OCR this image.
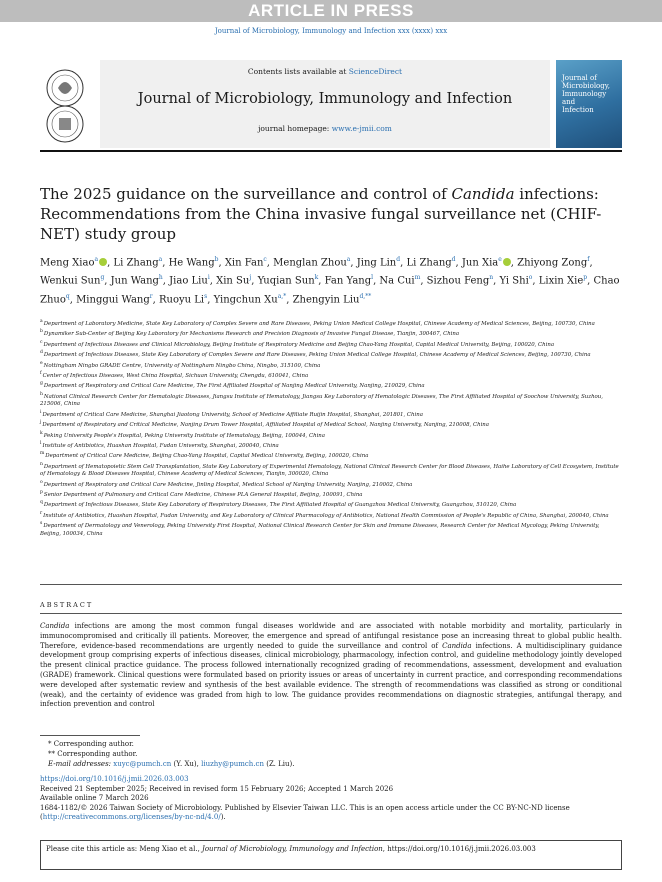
ARTICLE IN PRESS
Journal of Microbiology, Immunology and Infection xxx (xxxx) xxx
Contents lists available at ScienceDirect
Journal of Microbiology, Immunology and Infection
journal homepage: www.e-jmii.com
Journal of
Microbiology,
Immunology
and
Infection
The 2025 guidance on the surveillance and control of Candida infections: Recommendations from the China invasive fungal surveillance net (CHIF-NET) study group
Meng Xiao$^a$ , Li Zhang$^a$, He Wang$^b$, Xin Fan$^c$, Menglan Zhou$^a$, Jing Lin$^d$, Li Zhang$^d$, Jun Xia$^e$ , Zhiyong Zong$^f$, Wenkui Sun$^g$, Jun Wang$^h$, Jiao Liu$^i$, Xin Su$^j$, Yuqian Sun$^k$, Fan Yang$^l$, Na Cui$^m$, Sizhou Feng$^n$, Yi Shi$^o$, Lixin Xie$^p$, Chao Zhuo$^q$, Minggui Wang$^r$, Ruoyu Li$^s$, Yingchun $Xu^{a,*}$, Zhengyin Liu$^{d,**}$
$^a$Department of Laboratory Medicine, State Key Laboratory of Complex Severe and Rare Diseases, Peking Union Medical College Hospital, Chinese Academy of Medical Sciences, Beijing, 100730, China
$^b$Dynamiker Sub-Center of Beijing Key Laboratory for Mechanisms Research and Precision Diagnosis of Invasive Fungal Disease, Tianjin, 300467, China
$^c$Department of Infectious Diseases and Clinical Microbiology, Beijing Institute of Respiratory Medicine and Beijing Chao-Yang Hospital, Capital Medical University, Beijing, 100020, China
$^d$Department of Infectious Diseases, State Key Laboratory of Complex Severe and Rare Diseases, Peking Union Medical College Hospital, Chinese Academy of Medical Sciences, Beijing, 100730, China
$^e$Nottingham Ningbo GRADE Centre, University of Nottingham Ningbo China, Ningbo, 315100, China
$^f$Center of Infectious Diseases, West China Hospital, Sichuan University, Chengdu, 610041, China
$^g$Department of Respiratory and Critical Care Medicine, The First Affiliated Hospital of Nanjing Medical University, Nanjing, 210029, China
$^h$National Clinical Research Center for Hematologic Diseases, Jiangsu Institute of Hematology, Jiangsu Key Laboratory of Hematologic Diseases, The First Affiliated Hospital of Soochow University, Suzhou, 215006, China
$^i$Department of Critical Care Medicine, Shanghai Jiaotong University, School of Medicine Affiliate Ruijin Hospital, Shanghai, 201801, China
$^j$Department of Respiratory and Critical Medicine, Nanjing Drum Tower Hospital, Affiliated Hospital of Medical School, Nanjing University, Nanjing, 210008, China
$^k$Peking University People's Hospital, Peking University Institute of Hematology, Beijing, 100044, China
$^l$Institute of Antibiotics, Huashan Hospital, Fudan University, Shanghai, 200040, China
$^m$Department of Critical Care Medicine, Beijing Chao-Yang Hospital, Capital Medical University, Beijing, 100020, China
$^n$Department of Hematopoietic Stem Cell Transplantation, State Key Laboratory of Experimental Hematology, National Clinical Research Center for Blood Diseases, Haihe Laboratory of Cell Ecosystem, Institute of Hematology & Blood Diseases Hospital, Chinese Academy of Medical Sciences, Tianjin, 300020, China
$^o$Department of Respiratory and Critical Care Medicine, Jinling Hospital, Medical School of Nanjing University, Nanjing, 210002, China
$^p$Senior Department of Pulmonary and Critical Care Medicine, Chinese PLA General Hospital, Beijing, 100091, China
$^q$Department of Infectious Diseases, State Key Laboratory of Respiratory Diseases, The First Affiliated Hospital of Guangzhou Medical University, Guangzhou, 510120, China
$^r$Institute of Antibiotics, Huashan Hospital, Fudan University, and Key Laboratory of Clinical Pharmacology of Antibiotics, National Health Commission of People's Republic of China, Shanghai, 200040, China
$^s$Department of Dermatology and Venerology, Peking University First Hospital, National Clinical Research Center for Skin and Immune Diseases, Research Center for Medical Mycology, Peking University, Beijing, 100034, China
ABSTRACT
Candida infections are among the most common fungal diseases worldwide and are associated with notable morbidity and mortality, particularly in immunocompromised and critically ill patients. Moreover, the emergence and spread of antifungal resistance pose an increasing threat to global public health. Therefore, evidence-based recommendations are urgently needed to guide the surveillance and control of Candida infections. A multidisciplinary guidance development group comprising experts of infectious diseases, clinical microbiology, pharmacology, infection control, and guideline methodology jointly developed the present clinical practice guidance. The process followed internationally recognized grading of recommendations, assessment, development and evaluation (GRADE) framework. Clinical questions were formulated based on priority issues or areas of uncertainty in current practice, and corresponding recommendations were developed after systematic review and synthesis of the best available evidence. The strength of recommendations was classified as strong or conditional (weak), and the certainty of evidence was graded from high to low. The guidance provides recommendations on diagnostic strategies, antifungal therapy, and infection prevention and control
* Corresponding author.
** Corresponding author.
E-mail addresses: xuyc@pumch.cn (Y. Xu), liuzhy@pumch.cn (Z. Liu).
https://doi.org/10.1016/j.jmii.2026.03.003
Received 21 September 2025; Received in revised form 15 February 2026; Accepted 1 March 2026
Available online 7 March 2026
1684-1182/© 2026 Taiwan Society of Microbiology. Published by Elsevier Taiwan LLC. This is an open access article under the CC BY-NC-ND license
(http://creativecommons.org/licenses/by-nc-nd/4.0/).
Please cite this article as: Meng Xiao et al., Journal of Microbiology, Immunology and Infection, https://doi.org/10.1016/j.jmii.2026.03.003
